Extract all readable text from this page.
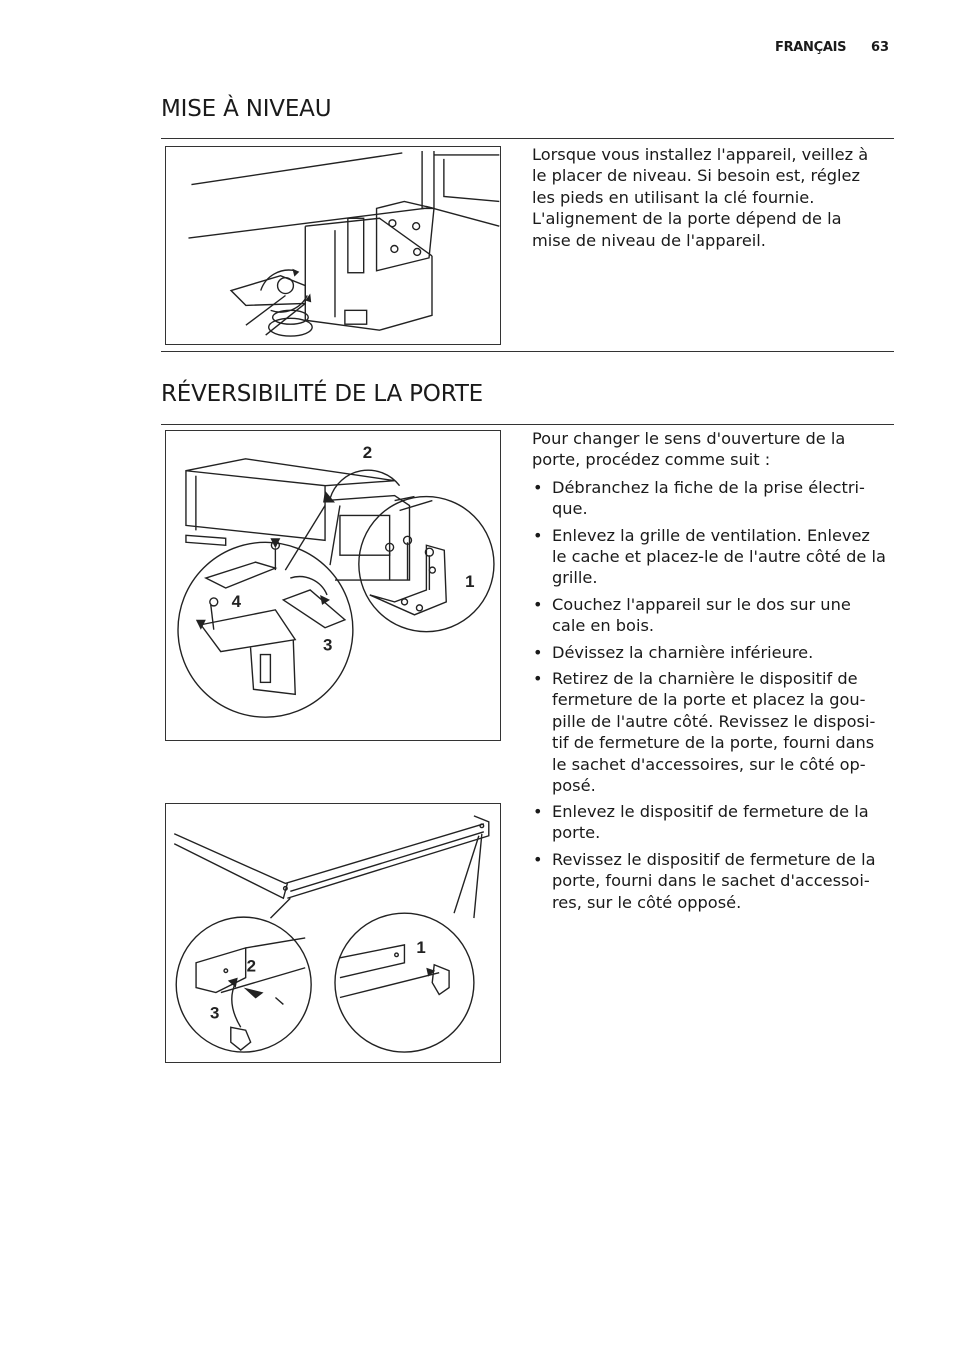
FRANÇAIS 63
MISE À NIVEAU

Lorsque vous installez l'appareil, veillez à le placer de niveau. Si besoin est, réglez les pieds en utilisant la clé fournie. L'alignement de la porte dépend de la mise de niveau de l'appareil.

RÉVERSIBILITÉ DE LA PORTE
2
1
4
3
Pour changer le sens d'ouverture de la porte, procédez comme suit :
• Débranchez la fiche de la prise électri-que.
• Enlevez la grille de ventilation. Enlevez le cache et placez-le de l'autre côté de la grille.
• Couchez l'appareil sur le dos sur une cale en bois.
• Dévissez la charnière inférieure.
• Retirez de la charnière le dispositif de fermeture de la porte et placez la gou-pille de l'autre côté. Revissez le disposi-tif de fermeture de la porte, fourni dans le sachet d'accessoires, sur le côté op-posé.
1
2
3
• Enlevez le dispositif de fermeture de la porte.
• Revissez le dispositif de fermeture de la porte, fourni dans le sachet d'accessoi-res, sur le côté opposé.
